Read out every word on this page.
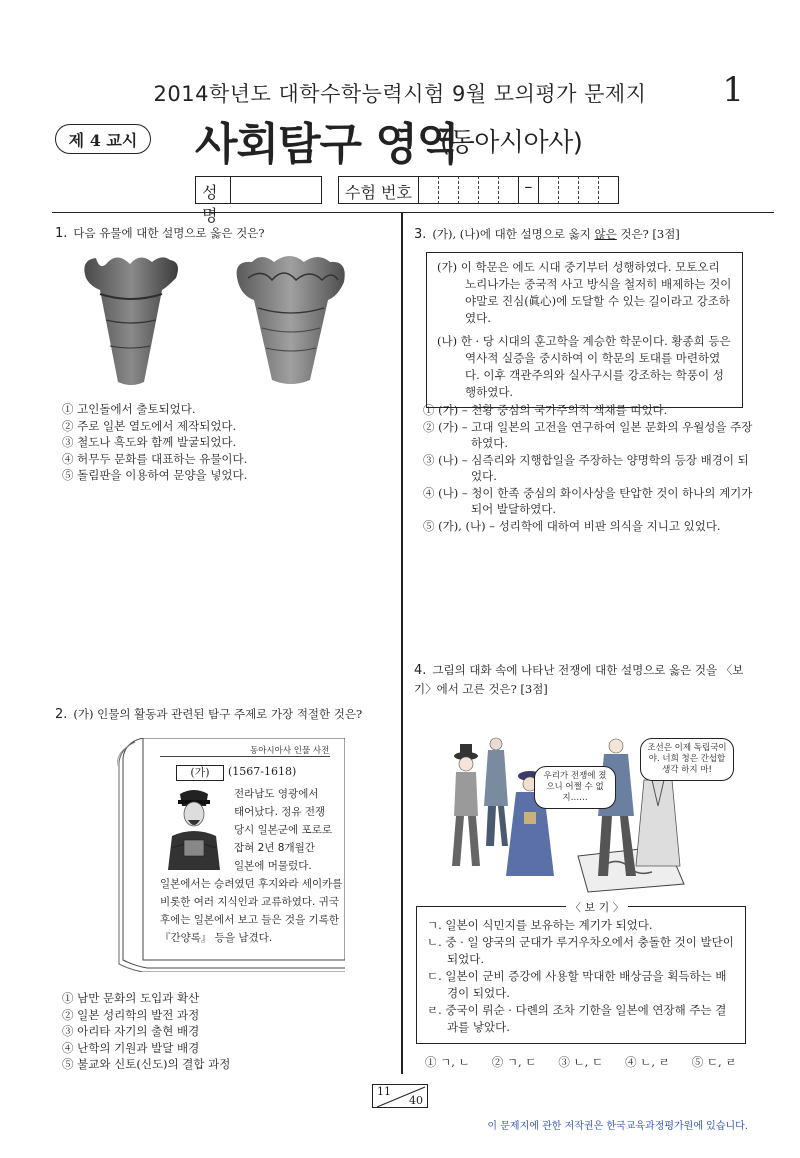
2014학년도 대학수학능력시험 9월 모의평가 문제지	1
제 4 교시	사회탐구 영역
(동아시아사)
성명
수험 번호	–
1. 다음 유물에 대한 설명으로 옳은 것은?
① 고인돌에서 출토되었다.
② 주로 일본 열도에서 제작되었다.
③ 철도나 흑도와 함께 발굴되었다.
④ 허무두 문화를 대표하는 유물이다.
⑤ 돌림판을 이용하여 문양을 넣었다.
2. (가) 인물의 활동과 관련된 탐구 주제로 가장 적절한 것은?
동아시아사 인물 사전
(가)	(1567-1618)
전라남도 영광에서
태어났다. 정유 전쟁
당시 일본군에 포로로
잡혀 2년 8개월간
일본에 머물렀다.
일본에서는 승려였던 후지와라 세이카를
비롯한 여러 지식인과 교류하였다. 귀국
후에는 일본에서 보고 들은 것을 기록한
『간양록』 등을 남겼다.
① 남만 문화의 도입과 확산
② 일본 성리학의 발전 과정
③ 아리타 자기의 출현 배경
④ 난학의 기원과 발달 배경
⑤ 불교와 신토(신도)의 결합 과정
3. (가), (나)에 대한 설명으로 옳지 않은 것은? [3점]

(가) 이 학문은 에도 시대 중기부터 성행하였다. 모토오리 노리나가는 중국적 사고 방식을 철저히 배제하는 것이야말로 진심(眞心)에 도달할 수 있는 길이라고 강조하였다.

(나) 한 · 당 시대의 훈고학을 계승한 학문이다. 황종희 등은 역사적 실증을 중시하여 이 학문의 토대를 마련하였다. 이후 객관주의와 실사구시를 강조하는 학풍이 성행하였다.

① (가) – 천황 중심의 국가주의적 색채를 띠었다.
② (가) – 고대 일본의 고전을 연구하여 일본 문화의 우월성을 주장하였다.
③ (나) – 심즉리와 지행합일을 주장하는 양명학의 등장 배경이 되었다.
④ (나) – 청이 한족 중심의 화이사상을 탄압한 것이 하나의 계기가 되어 발달하였다.
⑤ (가), (나) – 성리학에 대하여 비판 의식을 지니고 있었다.
4. 그림의 대화 속에 나타난 전쟁에 대한 설명으로 옳은 것을 〈보기〉에서 고른 것은? [3점]
조선은 이제 독립국이야. 너희 청은 간섭할 생각 하지 마!
우리가 전쟁에 졌으니 어쩔 수 없지……

ㄱ. 일본이 식민지를 보유하는 계기가 되었다.

ㄴ. 중 · 일 양국의 군대가 루거우차오에서 충돌한 것이 발단이 되었다.

ㄷ. 일본이 군비 증강에 사용할 막대한 배상금을 획득하는 배경이 되었다.

ㄹ. 중국이 뤼순 · 다롄의 조차 기한을 일본에 연장해 주는 결과를 낳았다.

〈 보 기 〉
① ㄱ, ㄴ ② ㄱ, ㄷ ③ ㄴ, ㄷ ④ ㄴ, ㄹ ⑤ ㄷ, ㄹ
11
40
이 문제지에 관한 저작권은 한국교육과정평가원에 있습니다.
